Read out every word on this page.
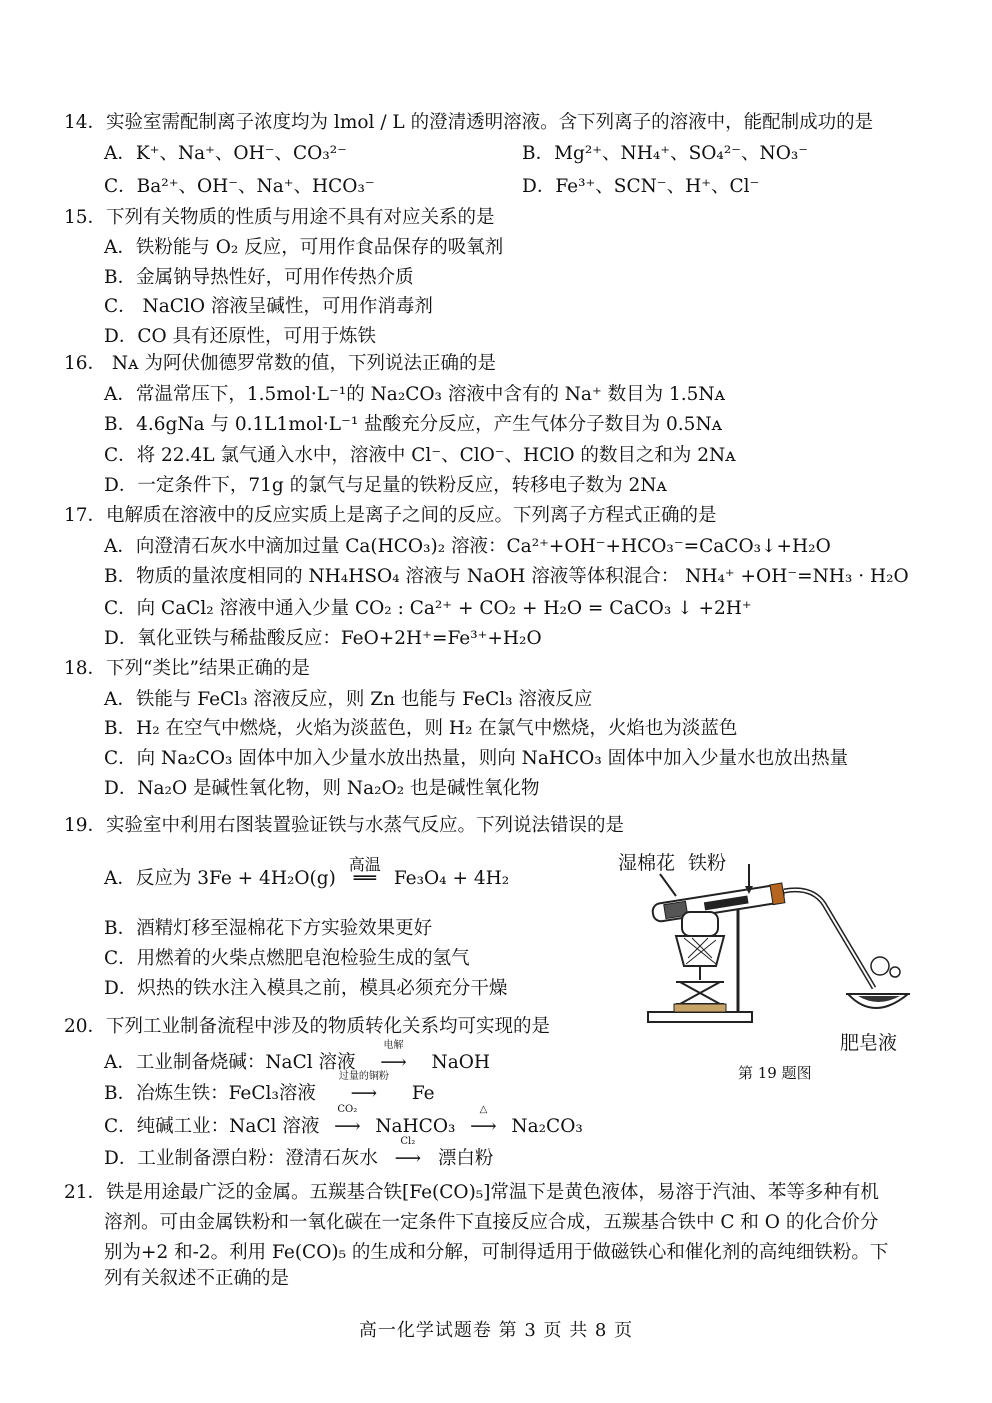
14．实验室需配制离子浓度均为 lmol / L 的澄清透明溶液。含下列离子的溶液中，能配制成功的是
A．K⁺、Na⁺、OH⁻、CO₃²⁻	B．Mg²⁺、NH₄⁺、SO₄²⁻、NO₃⁻
C．Ba²⁺、OH⁻、Na⁺、HCO₃⁻	D．Fe³⁺、SCN⁻、H⁺、Cl⁻
15．下列有关物质的性质与用途不具有对应关系的是
A．铁粉能与 O₂ 反应，可用作食品保存的吸氧剂
B．金属钠导热性好，可用作传热介质
C． NaClO 溶液呈碱性，可用作消毒剂
D．CO 具有还原性，可用于炼铁
16． Nᴀ 为阿伏伽德罗常数的值，下列说法正确的是
A．常温常压下，1.5mol·L⁻¹的 Na₂CO₃ 溶液中含有的 Na⁺ 数目为 1.5Nᴀ
B．4.6gNa 与 0.1L1mol·L⁻¹ 盐酸充分反应，产生气体分子数目为 0.5Nᴀ
C．将 22.4L 氯气通入水中，溶液中 Cl⁻、ClO⁻、HClO 的数目之和为 2Nᴀ
D．一定条件下，71g 的氯气与足量的铁粉反应，转移电子数为 2Nᴀ
17．电解质在溶液中的反应实质上是离子之间的反应。下列离子方程式正确的是
A．向澄清石灰水中滴加过量 Ca(HCO₃)₂ 溶液：Ca²⁺+OH⁻+HCO₃⁻=CaCO₃↓+H₂O
B．物质的量浓度相同的 NH₄HSO₄ 溶液与 NaOH 溶液等体积混合： NH₄⁺ +OH⁻=NH₃ · H₂O
C．向 CaCl₂ 溶液中通入少量 CO₂ : Ca²⁺ + CO₂ + H₂O = CaCO₃ ↓ +2H⁺
D．氧化亚铁与稀盐酸反应：FeO+2H⁺=Fe³⁺+H₂O
18．下列“类比”结果正确的是
A．铁能与 FeCl₃ 溶液反应，则 Zn 也能与 FeCl₃ 溶液反应
B．H₂ 在空气中燃烧，火焰为淡蓝色，则 H₂ 在氯气中燃烧，火焰也为淡蓝色
C．向 Na₂CO₃ 固体中加入少量水放出热量，则向 NaHCO₃ 固体中加入少量水也放出热量
D．Na₂O 是碱性氧化物，则 Na₂O₂ 也是碱性氧化物
19．实验室中利用右图装置验证铁与水蒸气反应。下列说法错误的是
A．反应为 3Fe + 4H₂O(g)
高温
══ Fe₃O₄ + 4H₂
B．酒精灯移至湿棉花下方实验效果更好
C．用燃着的火柴点燃肥皂泡检验生成的氢气
D．炽热的铁水注入模具之前，模具必须充分干燥
湿棉花 铁粉
肥皂液
第 19 题图
20．下列工业制备流程中涉及的物质转化关系均可实现的是
A．工业制备烧碱：NaCl 溶液
电解
⟶ NaOH
B．冶炼生铁：FeCl₃溶液
过量的铜粉
⟶ Fe
C．纯碱工业：NaCl 溶液
CO₂
⟶ NaHCO₃
△
⟶ Na₂CO₃
D．工业制备漂白粉：澄清石灰水
Cl₂
⟶ 漂白粉
21．铁是用途最广泛的金属。五羰基合铁[Fe(CO)₅]常温下是黄色液体，易溶于汽油、苯等多种有机
溶剂。可由金属铁粉和一氧化碳在一定条件下直接反应合成，五羰基合铁中 C 和 O 的化合价分
别为+2 和-2。利用 Fe(CO)₅ 的生成和分解，可制得适用于做磁铁心和催化剂的高纯细铁粉。下
列有关叙述不正确的是
高一化学试题卷 第 3 页 共 8 页
